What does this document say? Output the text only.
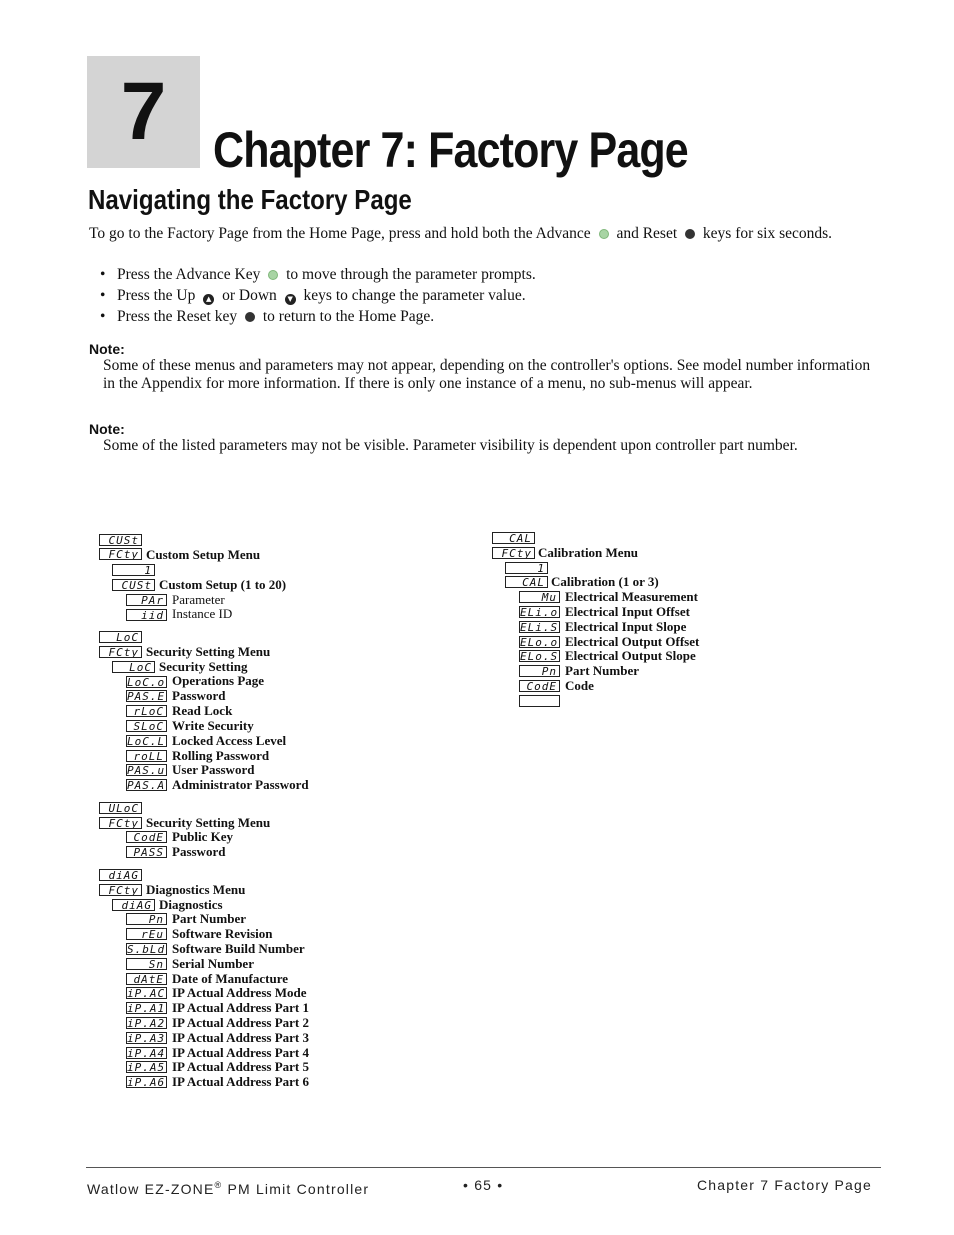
7 Chapter 7: Factory Page
Navigating the Factory Page
To go to the Factory Page from the Home Page, press and hold both the Advance and Reset keys for six seconds.
• Press the Advance Key to move through the parameter prompts.
• Press the Up ▲ or Down ▼ keys to change the parameter value.
• Press the Reset key to return to the Home Page.
Note:
Some of these menus and parameters may not appear, depending on the controller's options. See model number information in the Appendix for more information. If there is only one instance of a menu, no sub-menus will appear.
Note:
Some of the listed parameters may not be visible. Parameter visibility is dependent upon controller part number.
CUSt
FCty Custom Setup Menu
1
CUSt Custom Setup (1 to 20)
PAr Parameter
iid Instance ID
LoC
FCty Security Setting Menu
LoC Security Setting
LoC.o Operations Page
PAS.E Password
rLoC Read Lock
SLoC Write Security
LoC.L Locked Access Level
roLL Rolling Password
PAS.u User Password
PAS.A Administrator Password
ULoC
FCty Security Setting Menu
CodE Public Key
PASS Password
diAG
FCty Diagnostics Menu
diAG Diagnostics
Pn Part Number
rEu Software Revision
S.bLd Software Build Number
Sn Serial Number
dAtE Date of Manufacture
iP.AC IP Actual Address Mode
iP.A1 IP Actual Address Part 1
iP.A2 IP Actual Address Part 2
iP.A3 IP Actual Address Part 3
iP.A4 IP Actual Address Part 4
iP.A5 IP Actual Address Part 5
iP.A6 IP Actual Address Part 6
CAL
FCty Calibration Menu
1
CAL Calibration (1 or 3)
Mu Electrical Measurement
ELi.o Electrical Input Offset
ELi.S Electrical Input Slope
ELo.o Electrical Output Offset
ELo.S Electrical Output Slope
Pn Part Number
CodE Code
Watlow EZ-ZONE® PM Limit Controller	• 65 •	Chapter 7 Factory Page
